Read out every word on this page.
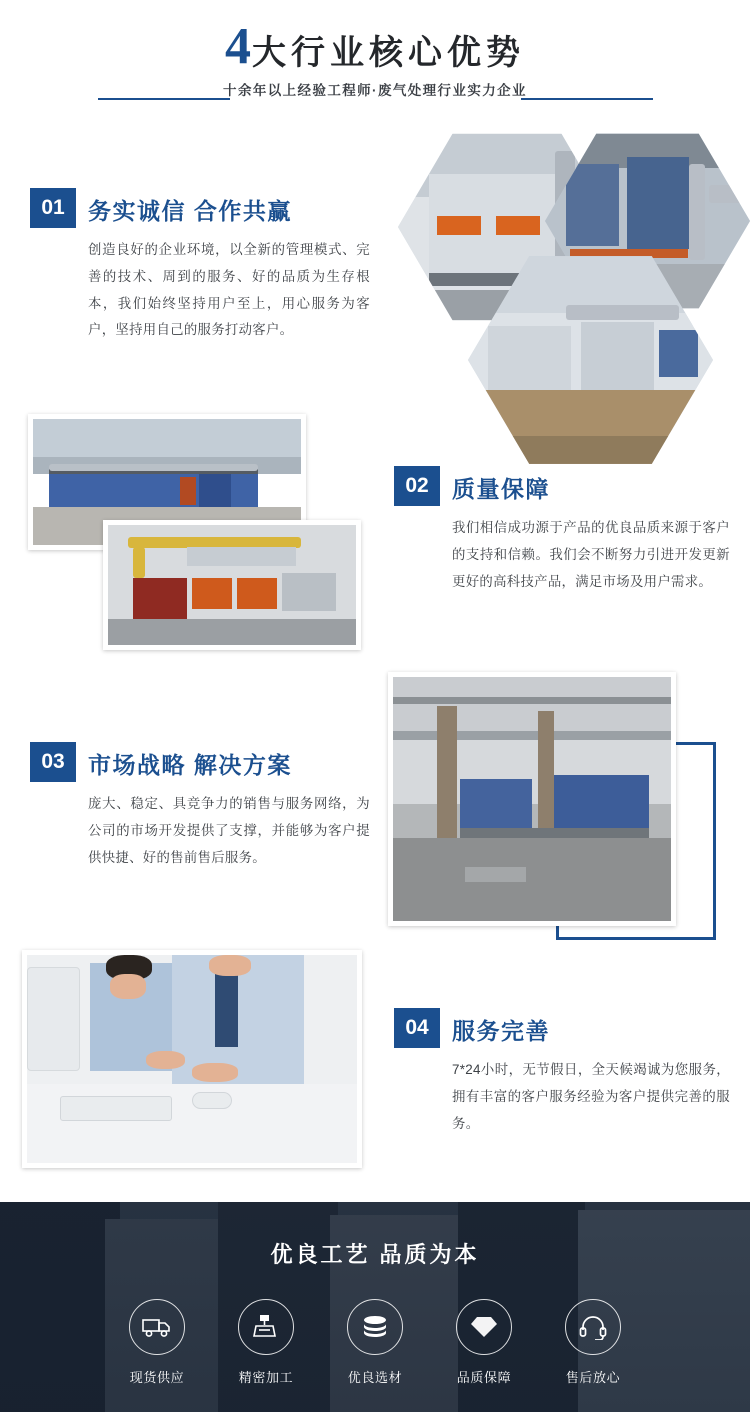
4 大行业核心优势
十余年以上经验工程师·废气处理行业实力企业
01	务实诚信 合作共赢
创造良好的企业环境，以全新的管理模式、完善的技术、周到的服务、好的品质为生存根本，我们始终坚持用户至上，用心服务为客户，坚持用自己的服务打动客户。
02	质量保障
我们相信成功源于产品的优良品质来源于客户的支持和信赖。我们会不断努力引进开发更新更好的高科技产品，满足市场及用户需求。
03	市场战略 解决方案
庞大、稳定、具竞争力的销售与服务网络，为公司的市场开发提供了支撑，并能够为客户提供快捷、好的售前售后服务。
04	服务完善
7*24小时，无节假日，全天候竭诚为您服务，拥有丰富的客户服务经验为客户提供完善的服务。
优良工艺 品质为本
现货供应	精密加工	优良选材	品质保障	售后放心
